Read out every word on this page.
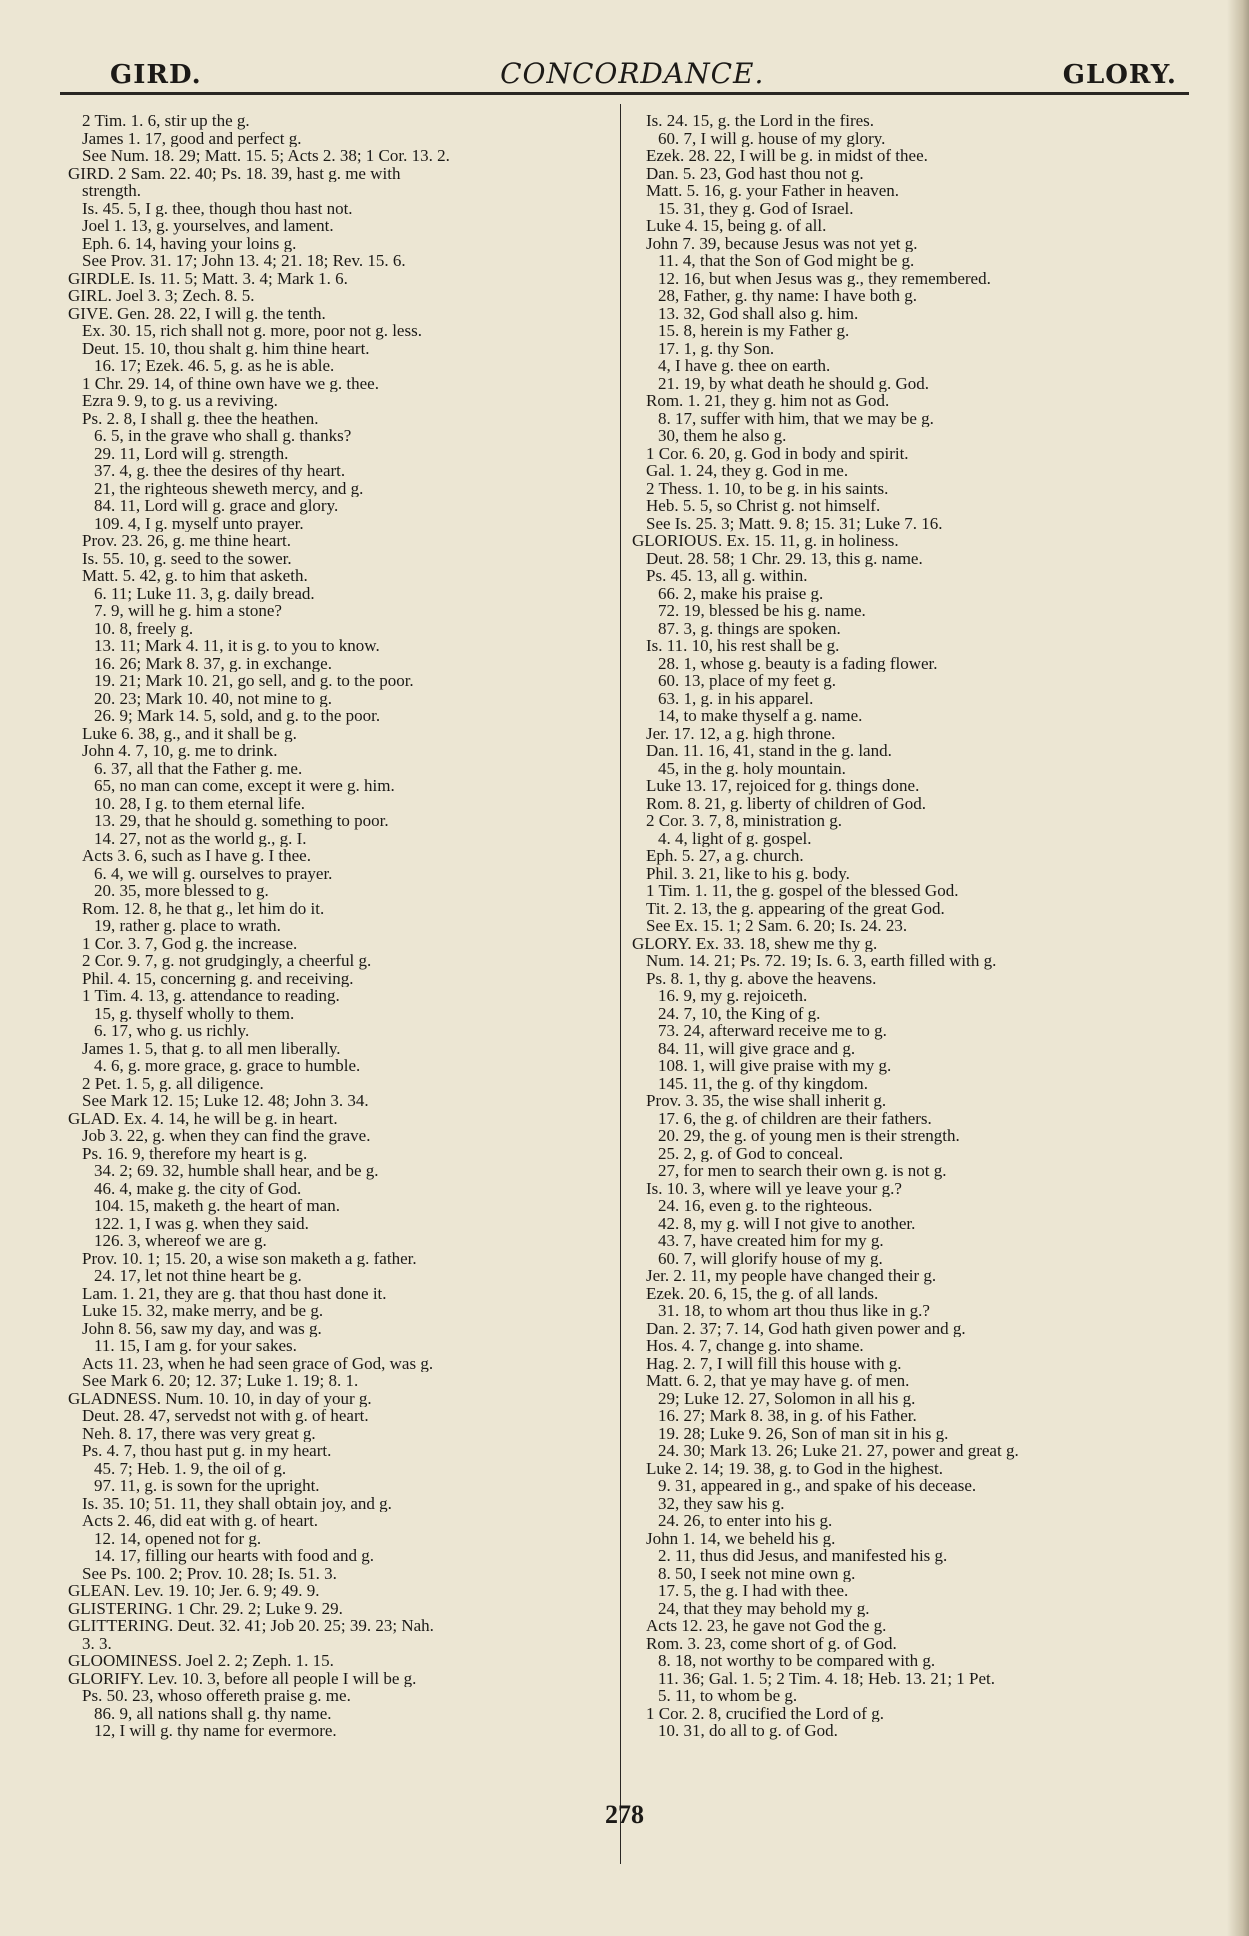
GIRD.	CONCORDANCE.	GLORY.
2 Tim. 1. 6, stir up the g.
James 1. 17, good and perfect g.
See Num. 18. 29; Matt. 15. 5; Acts 2. 38; 1 Cor. 13. 2.
GIRD. 2 Sam. 22. 40; Ps. 18. 39, hast g. me with
strength.
Is. 45. 5, I g. thee, though thou hast not.
Joel 1. 13, g. yourselves, and lament.
Eph. 6. 14, having your loins g.
See Prov. 31. 17; John 13. 4; 21. 18; Rev. 15. 6.
GIRDLE. Is. 11. 5; Matt. 3. 4; Mark 1. 6.
GIRL. Joel 3. 3; Zech. 8. 5.
GIVE. Gen. 28. 22, I will g. the tenth.
Ex. 30. 15, rich shall not g. more, poor not g. less.
Deut. 15. 10, thou shalt g. him thine heart.
16. 17; Ezek. 46. 5, g. as he is able.
1 Chr. 29. 14, of thine own have we g. thee.
Ezra 9. 9, to g. us a reviving.
Ps. 2. 8, I shall g. thee the heathen.
6. 5, in the grave who shall g. thanks?
29. 11, Lord will g. strength.
37. 4, g. thee the desires of thy heart.
21, the righteous sheweth mercy, and g.
84. 11, Lord will g. grace and glory.
109. 4, I g. myself unto prayer.
Prov. 23. 26, g. me thine heart.
Is. 55. 10, g. seed to the sower.
Matt. 5. 42, g. to him that asketh.
6. 11; Luke 11. 3, g. daily bread.
7. 9, will he g. him a stone?
10. 8, freely g.
13. 11; Mark 4. 11, it is g. to you to know.
16. 26; Mark 8. 37, g. in exchange.
19. 21; Mark 10. 21, go sell, and g. to the poor.
20. 23; Mark 10. 40, not mine to g.
26. 9; Mark 14. 5, sold, and g. to the poor.
Luke 6. 38, g., and it shall be g.
John 4. 7, 10, g. me to drink.
6. 37, all that the Father g. me.
65, no man can come, except it were g. him.
10. 28, I g. to them eternal life.
13. 29, that he should g. something to poor.
14. 27, not as the world g., g. I.
Acts 3. 6, such as I have g. I thee.
6. 4, we will g. ourselves to prayer.
20. 35, more blessed to g.
Rom. 12. 8, he that g., let him do it.
19, rather g. place to wrath.
1 Cor. 3. 7, God g. the increase.
2 Cor. 9. 7, g. not grudgingly, a cheerful g.
Phil. 4. 15, concerning g. and receiving.
1 Tim. 4. 13, g. attendance to reading.
15, g. thyself wholly to them.
6. 17, who g. us richly.
James 1. 5, that g. to all men liberally.
4. 6, g. more grace, g. grace to humble.
2 Pet. 1. 5, g. all diligence.
See Mark 12. 15; Luke 12. 48; John 3. 34.
GLAD. Ex. 4. 14, he will be g. in heart.
Job 3. 22, g. when they can find the grave.
Ps. 16. 9, therefore my heart is g.
34. 2; 69. 32, humble shall hear, and be g.
46. 4, make g. the city of God.
104. 15, maketh g. the heart of man.
122. 1, I was g. when they said.
126. 3, whereof we are g.
Prov. 10. 1; 15. 20, a wise son maketh a g. father.
24. 17, let not thine heart be g.
Lam. 1. 21, they are g. that thou hast done it.
Luke 15. 32, make merry, and be g.
John 8. 56, saw my day, and was g.
11. 15, I am g. for your sakes.
Acts 11. 23, when he had seen grace of God, was g.
See Mark 6. 20; 12. 37; Luke 1. 19; 8. 1.
GLADNESS. Num. 10. 10, in day of your g.
Deut. 28. 47, servedst not with g. of heart.
Neh. 8. 17, there was very great g.
Ps. 4. 7, thou hast put g. in my heart.
45. 7; Heb. 1. 9, the oil of g.
97. 11, g. is sown for the upright.
Is. 35. 10; 51. 11, they shall obtain joy, and g.
Acts 2. 46, did eat with g. of heart.
12. 14, opened not for g.
14. 17, filling our hearts with food and g.
See Ps. 100. 2; Prov. 10. 28; Is. 51. 3.
GLEAN. Lev. 19. 10; Jer. 6. 9; 49. 9.
GLISTERING. 1 Chr. 29. 2; Luke 9. 29.
GLITTERING. Deut. 32. 41; Job 20. 25; 39. 23; Nah.
3. 3.
GLOOMINESS. Joel 2. 2; Zeph. 1. 15.
GLORIFY. Lev. 10. 3, before all people I will be g.
Ps. 50. 23, whoso offereth praise g. me.
86. 9, all nations shall g. thy name.
12, I will g. thy name for evermore.
Is. 24. 15, g. the Lord in the fires.
60. 7, I will g. house of my glory.
Ezek. 28. 22, I will be g. in midst of thee.
Dan. 5. 23, God hast thou not g.
Matt. 5. 16, g. your Father in heaven.
15. 31, they g. God of Israel.
Luke 4. 15, being g. of all.
John 7. 39, because Jesus was not yet g.
11. 4, that the Son of God might be g.
12. 16, but when Jesus was g., they remembered.
28, Father, g. thy name: I have both g.
13. 32, God shall also g. him.
15. 8, herein is my Father g.
17. 1, g. thy Son.
4, I have g. thee on earth.
21. 19, by what death he should g. God.
Rom. 1. 21, they g. him not as God.
8. 17, suffer with him, that we may be g.
30, them he also g.
1 Cor. 6. 20, g. God in body and spirit.
Gal. 1. 24, they g. God in me.
2 Thess. 1. 10, to be g. in his saints.
Heb. 5. 5, so Christ g. not himself.
See Is. 25. 3; Matt. 9. 8; 15. 31; Luke 7. 16.
GLORIOUS. Ex. 15. 11, g. in holiness.
Deut. 28. 58; 1 Chr. 29. 13, this g. name.
Ps. 45. 13, all g. within.
66. 2, make his praise g.
72. 19, blessed be his g. name.
87. 3, g. things are spoken.
Is. 11. 10, his rest shall be g.
28. 1, whose g. beauty is a fading flower.
60. 13, place of my feet g.
63. 1, g. in his apparel.
14, to make thyself a g. name.
Jer. 17. 12, a g. high throne.
Dan. 11. 16, 41, stand in the g. land.
45, in the g. holy mountain.
Luke 13. 17, rejoiced for g. things done.
Rom. 8. 21, g. liberty of children of God.
2 Cor. 3. 7, 8, ministration g.
4. 4, light of g. gospel.
Eph. 5. 27, a g. church.
Phil. 3. 21, like to his g. body.
1 Tim. 1. 11, the g. gospel of the blessed God.
Tit. 2. 13, the g. appearing of the great God.
See Ex. 15. 1; 2 Sam. 6. 20; Is. 24. 23.
GLORY. Ex. 33. 18, shew me thy g.
Num. 14. 21; Ps. 72. 19; Is. 6. 3, earth filled with g.
Ps. 8. 1, thy g. above the heavens.
16. 9, my g. rejoiceth.
24. 7, 10, the King of g.
73. 24, afterward receive me to g.
84. 11, will give grace and g.
108. 1, will give praise with my g.
145. 11, the g. of thy kingdom.
Prov. 3. 35, the wise shall inherit g.
17. 6, the g. of children are their fathers.
20. 29, the g. of young men is their strength.
25. 2, g. of God to conceal.
27, for men to search their own g. is not g.
Is. 10. 3, where will ye leave your g.?
24. 16, even g. to the righteous.
42. 8, my g. will I not give to another.
43. 7, have created him for my g.
60. 7, will glorify house of my g.
Jer. 2. 11, my people have changed their g.
Ezek. 20. 6, 15, the g. of all lands.
31. 18, to whom art thou thus like in g.?
Dan. 2. 37; 7. 14, God hath given power and g.
Hos. 4. 7, change g. into shame.
Hag. 2. 7, I will fill this house with g.
Matt. 6. 2, that ye may have g. of men.
29; Luke 12. 27, Solomon in all his g.
16. 27; Mark 8. 38, in g. of his Father.
19. 28; Luke 9. 26, Son of man sit in his g.
24. 30; Mark 13. 26; Luke 21. 27, power and great g.
Luke 2. 14; 19. 38, g. to God in the highest.
9. 31, appeared in g., and spake of his decease.
32, they saw his g.
24. 26, to enter into his g.
John 1. 14, we beheld his g.
2. 11, thus did Jesus, and manifested his g.
8. 50, I seek not mine own g.
17. 5, the g. I had with thee.
24, that they may behold my g.
Acts 12. 23, he gave not God the g.
Rom. 3. 23, come short of g. of God.
8. 18, not worthy to be compared with g.
11. 36; Gal. 1. 5; 2 Tim. 4. 18; Heb. 13. 21; 1 Pet.
5. 11, to whom be g.
1 Cor. 2. 8, crucified the Lord of g.
10. 31, do all to g. of God.
278
